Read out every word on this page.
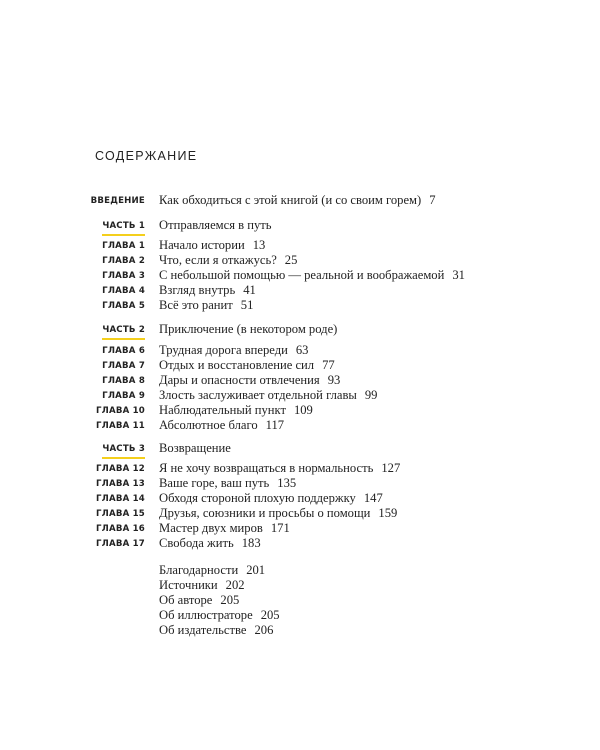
СОДЕРЖАНИЕ
ВВЕДЕНИЕ Как обходиться с этой книгой (и со своим горем) 7
ЧАСТЬ 1 Отправляемся в путь
ГЛАВА 1 Начало истории 13
ГЛАВА 2 Что, если я откажусь? 25
ГЛАВА 3 С небольшой помощью — реальной и воображаемой 31
ГЛАВА 4 Взгляд внутрь 41
ГЛАВА 5 Всё это ранит 51
ЧАСТЬ 2 Приключение (в некотором роде)
ГЛАВА 6 Трудная дорога впереди 63
ГЛАВА 7 Отдых и восстановление сил 77
ГЛАВА 8 Дары и опасности отвлечения 93
ГЛАВА 9 Злость заслуживает отдельной главы 99
ГЛАВА 10 Наблюдательный пункт 109
ГЛАВА 11 Абсолютное благо 117
ЧАСТЬ 3 Возвращение
ГЛАВА 12 Я не хочу возвращаться в нормальность 127
ГЛАВА 13 Ваше горе, ваш путь 135
ГЛАВА 14 Обходя стороной плохую поддержку 147
ГЛАВА 15 Друзья, союзники и просьбы о помощи 159
ГЛАВА 16 Мастер двух миров 171
ГЛАВА 17 Свобода жить 183
Благодарности 201
Источники 202
Об авторе 205
Об иллюстраторе 205
Об издательстве 206
